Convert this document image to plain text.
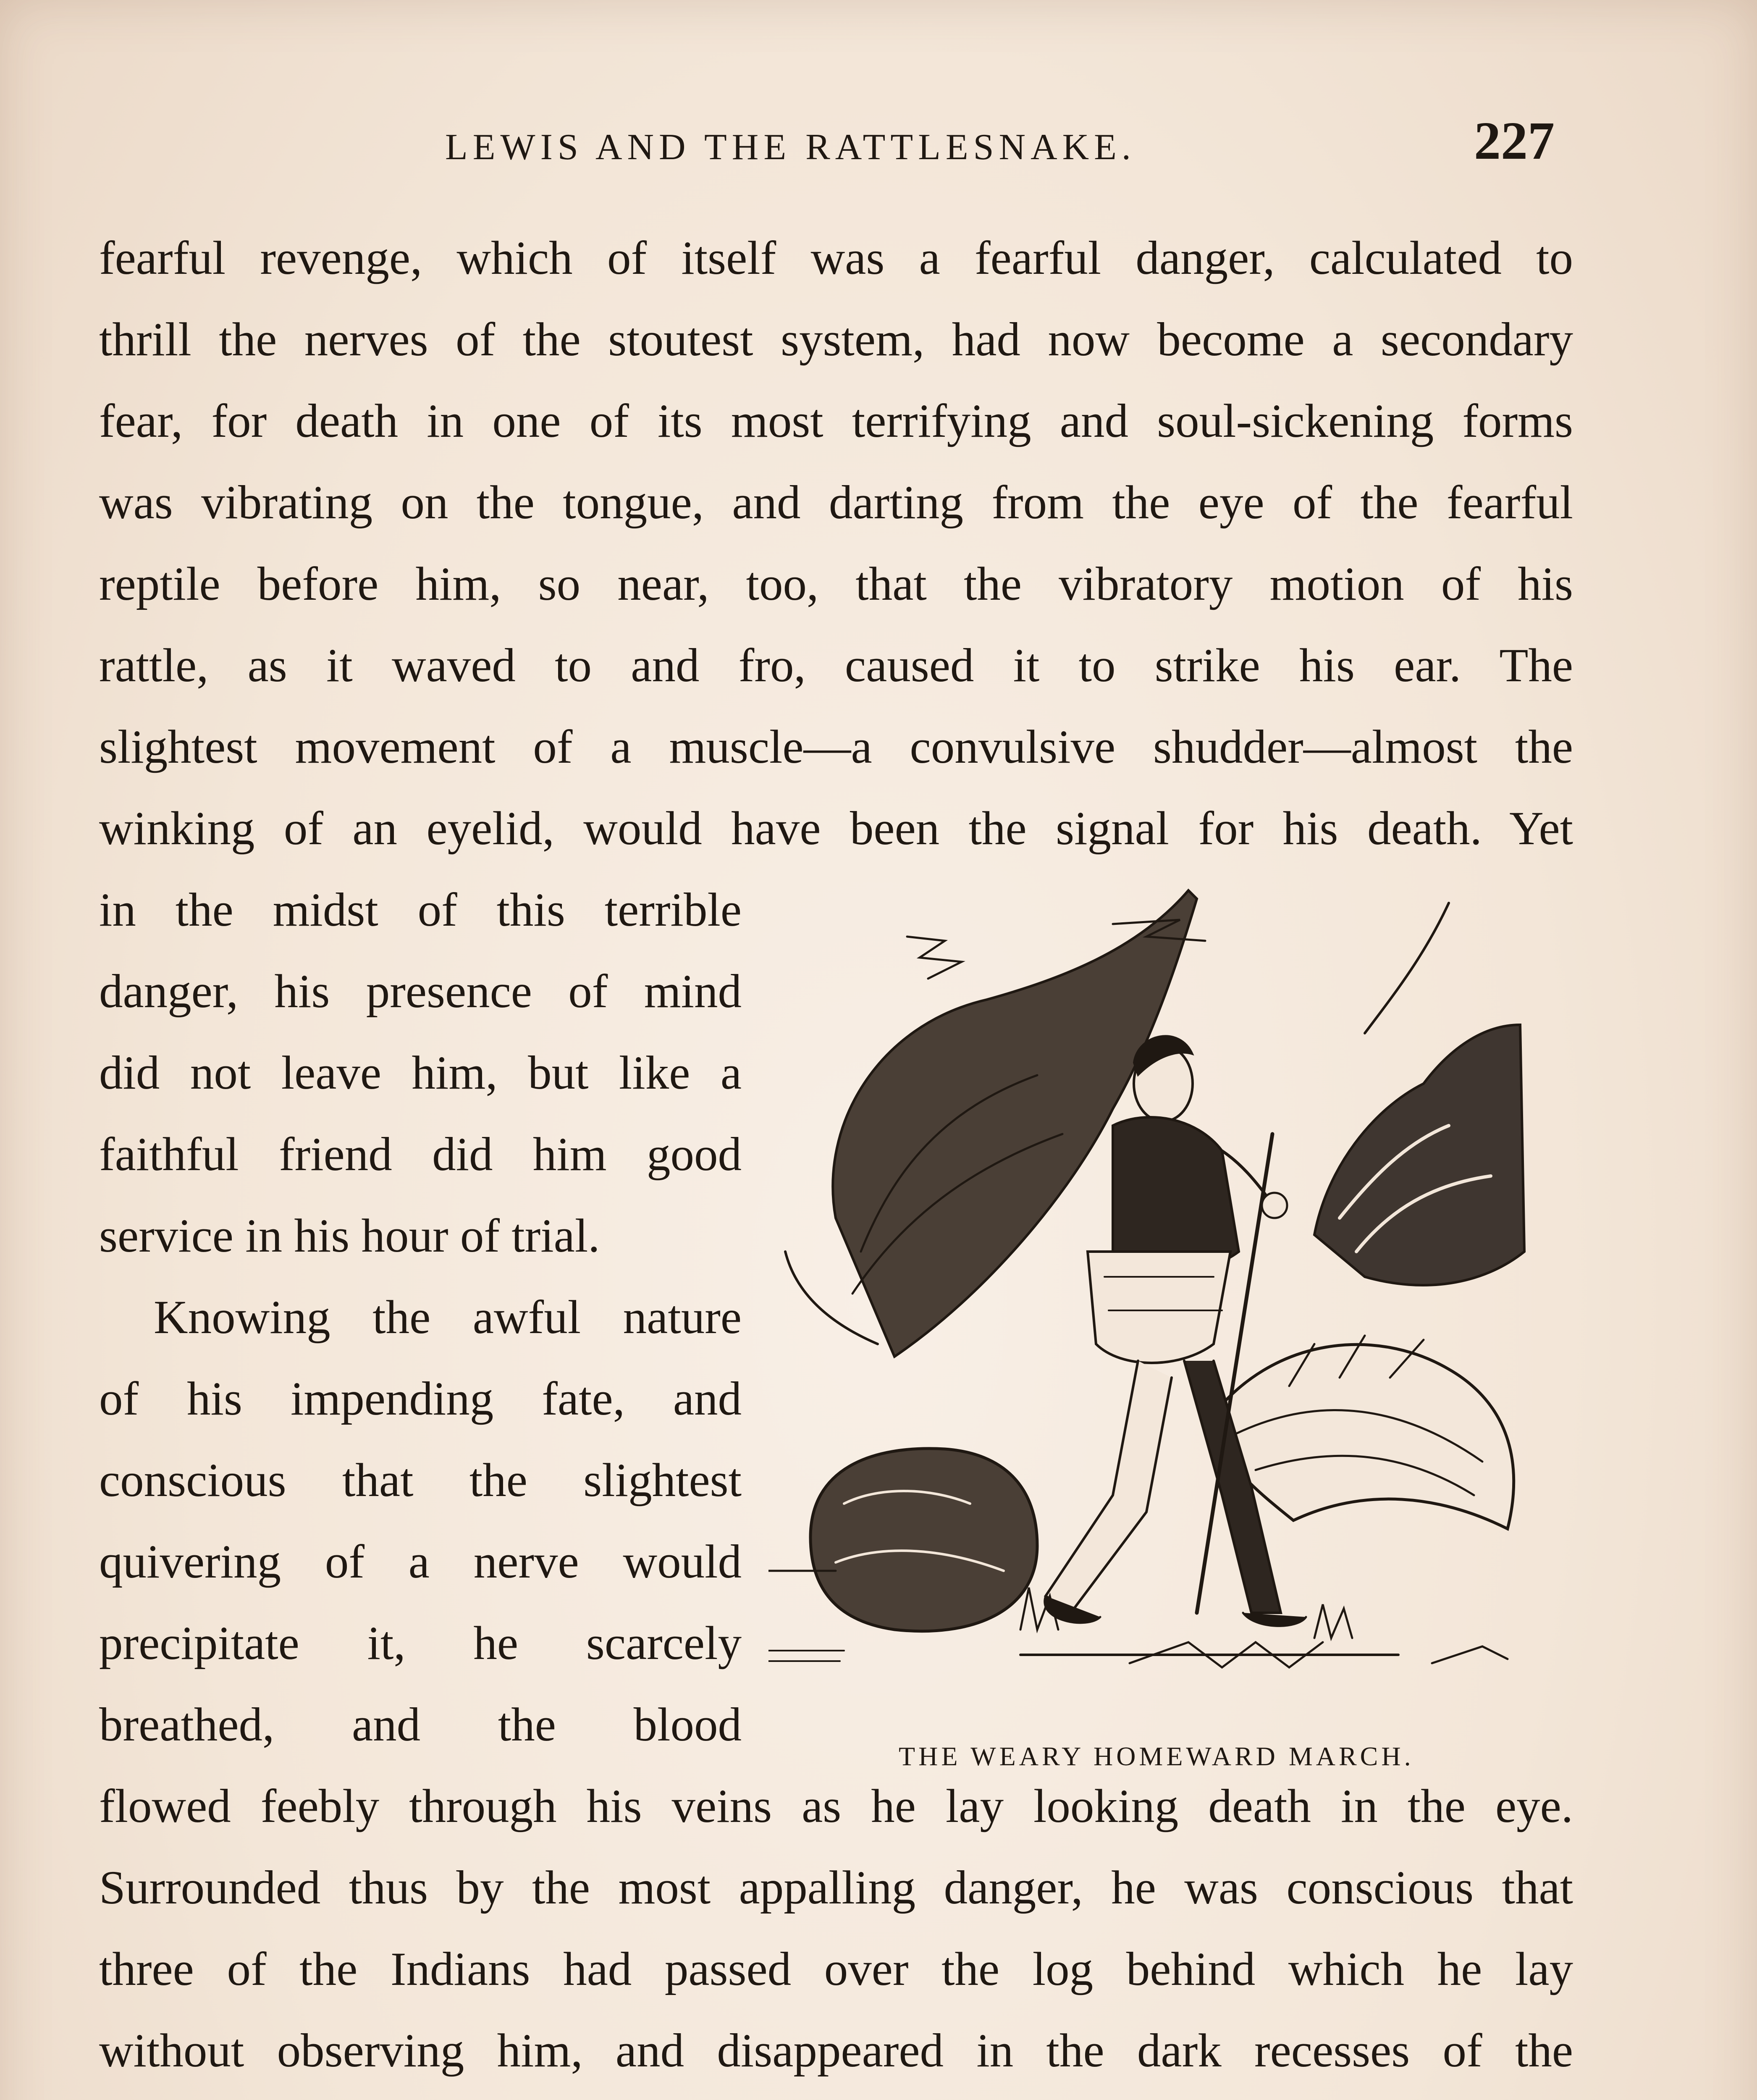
LEWIS AND THE RATTLESNAKE.	227
fearful revenge, which of itself was a fearful danger, calculated to
thrill the nerves of the stoutest system, had now become a secondary
fear, for death in one of its most terrifying and soul-sickening forms
was vibrating on the tongue, and darting from the eye of the fearful
reptile before him, so near, too, that the vibratory motion of his
rattle, as it waved to and fro, caused it to strike his ear. The
slightest movement of a muscle—a convulsive shudder—almost the
winking of an eyelid, would have been the signal for his death. Yet
in the midst of this terrible
danger, his presence of mind
did not leave him, but like a
faithful friend did him good
service in his hour of trial.
Knowing the awful nature
of his impending fate, and
conscious that the slightest
quivering of a nerve would
precipitate it, he scarcely
breathed, and the blood
flowed feebly through his veins as he lay looking death in the eye.
Surrounded thus by the most appalling danger, he was conscious that
three of the Indians had passed over the log behind which he lay
without observing him, and disappeared in the dark recesses of the
THE WEARY HOMEWARD MARCH.
